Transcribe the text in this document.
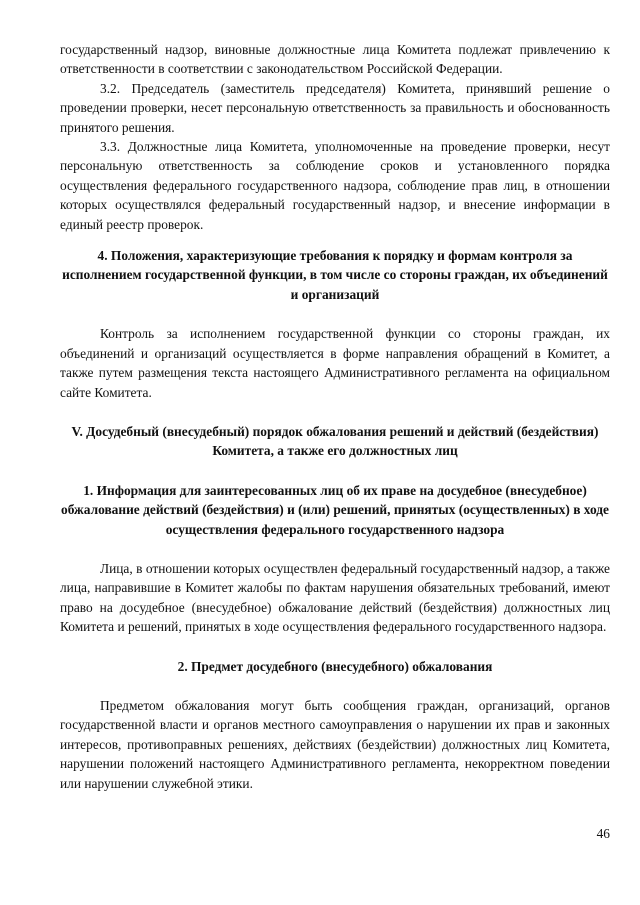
государственный надзор, виновные должностные лица Комитета подлежат привлечению к ответственности в соответствии с законодательством Российской Федерации.

3.2. Председатель (заместитель председателя) Комитета, принявший решение о проведении проверки, несет персональную ответственность за правильность и обоснованность принятого решения.

3.3. Должностные лица Комитета, уполномоченные на проведение проверки, несут персональную ответственность за соблюдение сроков и установленного порядка осуществления федерального государственного надзора, соблюдение прав лиц, в отношении которых осуществлялся федеральный государственный надзор, и внесение информации в единый реестр проверок.

4. Положения, характеризующие требования к порядку и формам контроля за исполнением государственной функции, в том числе со стороны граждан, их объединений и организаций

Контроль за исполнением государственной функции со стороны граждан, их объединений и организаций осуществляется в форме направления обращений в Комитет, а также путем размещения текста настоящего Административного регламента на официальном сайте Комитета.

V. Досудебный (внесудебный) порядок обжалования решений и действий (бездействия) Комитета, а также его должностных лиц

1. Информация для заинтересованных лиц об их праве на досудебное (внесудебное) обжалование действий (бездействия) и (или) решений, принятых (осуществленных) в ходе осуществления федерального государственного надзора

Лица, в отношении которых осуществлен федеральный государственный надзор, а также лица, направившие в Комитет жалобы по фактам нарушения обязательных требований, имеют право на досудебное (внесудебное) обжалование действий (бездействия) должностных лиц Комитета и решений, принятых в ходе осуществления федерального государственного надзора.

2. Предмет досудебного (внесудебного) обжалования

Предметом обжалования могут быть сообщения граждан, организаций, органов государственной власти и органов местного самоуправления о нарушении их прав и законных интересов, противоправных решениях, действиях (бездействии) должностных лиц Комитета, нарушении положений настоящего Административного регламента, некорректном поведении или нарушении служебной этики.

46
